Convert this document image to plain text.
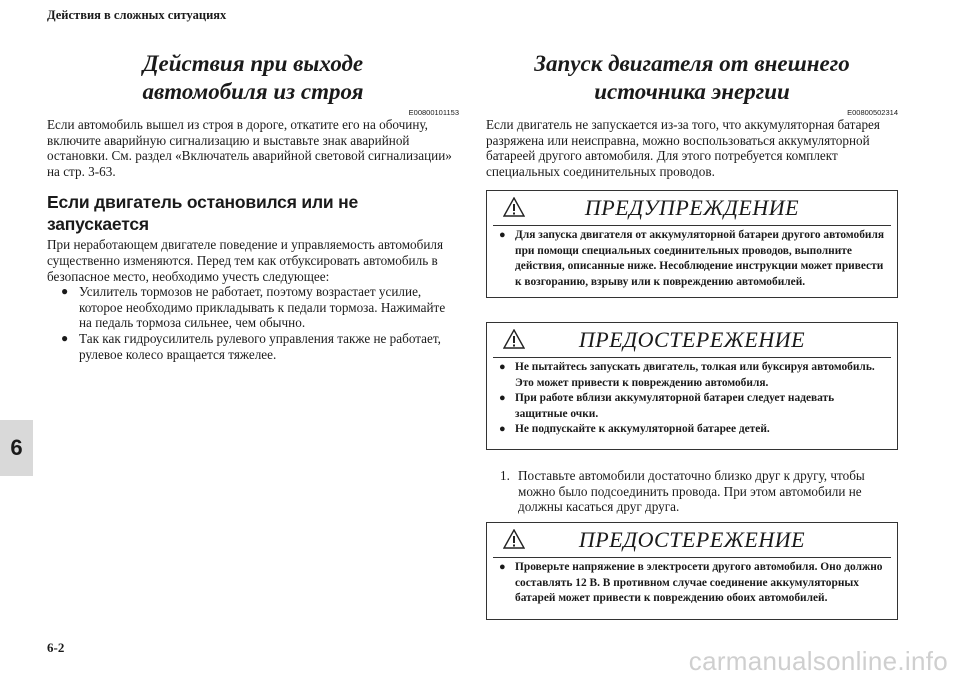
Действия в сложных ситуациях
6
6-2	carmanualsonline.info
Действия при выходе
автомобиля из строя
E00800101153

Если автомобиль вышел из строя в дороге, откатите его на обочину, включите аварийную сигнализацию и выставьте знак аварийной остановки. См. раздел «Включатель аварийной световой сигнализации» на стр. 3-63.

Если двигатель остановился или не запускается

При неработающем двигателе поведение и управляемость автомобиля существенно изменяются. Перед тем как отбуксировать автомобиль в безопасное место, необходимо учесть следующее:

● Усилитель тормозов не работает, поэтому возрастает усилие, которое необходимо прикладывать к педали тормоза. Нажимайте на педаль тормоза сильнее, чем обычно.
● Так как гидроусилитель рулевого управления также не работает, рулевое колесо вращается тяжелее.
Запуск двигателя от внешнего
источника энергии
E00800502314

Если двигатель не запускается из-за того, что аккумуляторная батарея разряжена или неисправна, можно воспользоваться аккумуляторной батареей другого автомобиля. Для этого потребуется комплект специальных соединительных проводов.

ПРЕДУПРЕЖДЕНИЕ
● Для запуска двигателя от аккумуляторной батареи другого автомобиля при помощи специальных соединительных проводов, выполните действия, описанные ниже. Несоблюдение инструкции может привести к возгоранию, взрыву или к повреждению автомобилей.
ПРЕДОСТЕРЕЖЕНИЕ
● Не пытайтесь запускать двигатель, толкая или буксируя автомобиль. Это может привести к повреждению автомобиля.
● При работе вблизи аккумуляторной батареи следует надевать защитные очки.
● Не подпускайте к аккумуляторной батарее детей.
1. Поставьте автомобили достаточно близко друг к другу, чтобы можно было подсоединить провода. При этом автомобили не должны касаться друг друга.
ПРЕДОСТЕРЕЖЕНИЕ
● Проверьте напряжение в электросети другого автомобиля. Оно должно составлять 12 В. В противном случае соединение аккумуляторных батарей может привести к повреждению обоих автомобилей.
